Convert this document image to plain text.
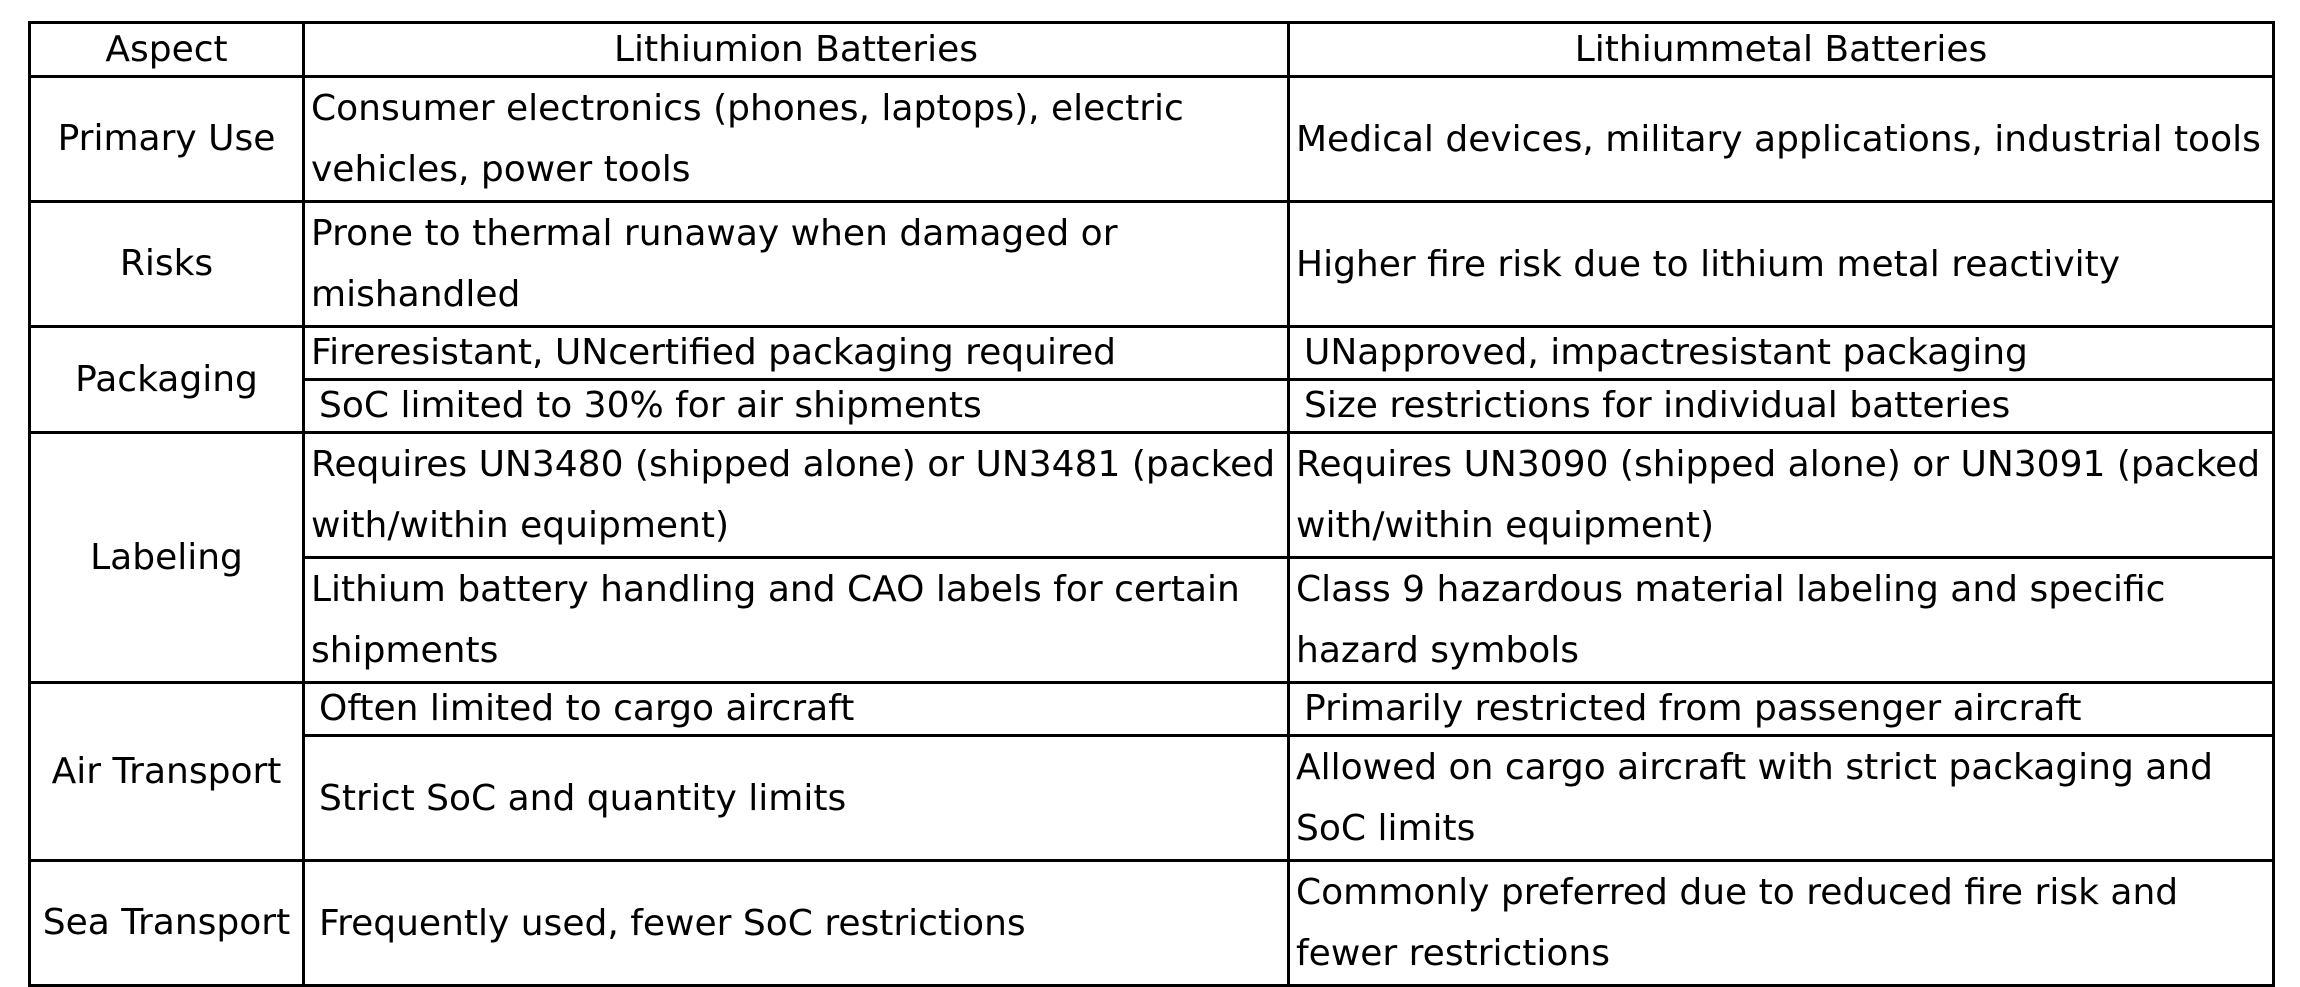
Aspect	Lithiumion Batteries	Lithiummetal Batteries
Primary Use	Consumer electronics (phones, laptops), electric vehicles, power tools	Medical devices, military applications, industrial tools
Risks	Prone to thermal runaway when damaged or mishandled	Higher fire risk due to lithium metal reactivity
Packaging	Fireresistant, UNcertified packaging required	UNapproved, impactresistant packaging
	SoC limited to 30% for air shipments	Size restrictions for individual batteries
Labeling	Requires UN3480 (shipped alone) or UN3481 (packed with/within equipment)	Requires UN3090 (shipped alone) or UN3091 (packed with/within equipment)
	Lithium battery handling and CAO labels for certain shipments	Class 9 hazardous material labeling and specific hazard symbols
Air Transport	Often limited to cargo aircraft	Primarily restricted from passenger aircraft
	Strict SoC and quantity limits	Allowed on cargo aircraft with strict packaging and SoC limits
Sea Transport	Frequently used, fewer SoC restrictions	Commonly preferred due to reduced fire risk and fewer restrictions
